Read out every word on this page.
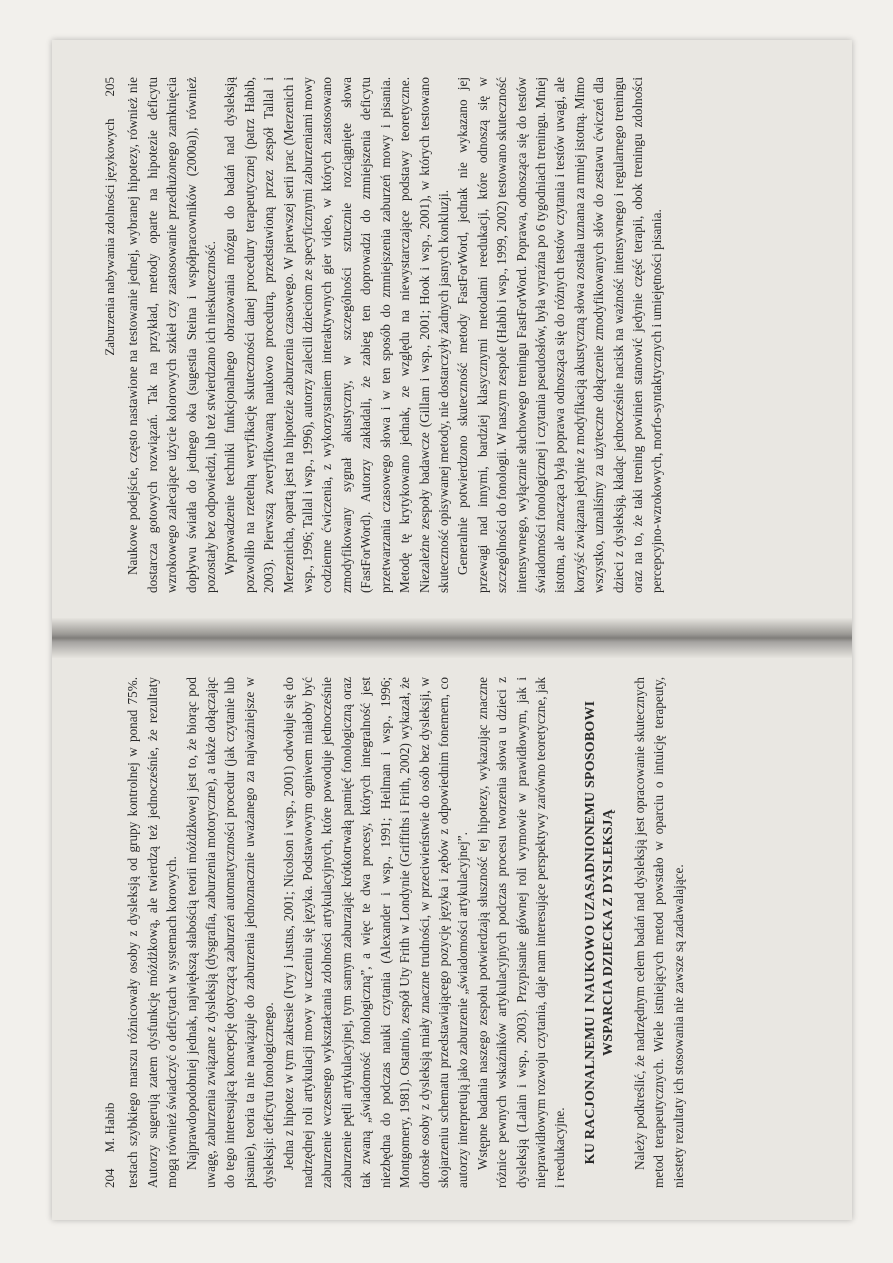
Zaburzenia nabywania zdolności językowych
205 Naukowe podejście, często nastawione na testowanie jednej, wybranej hipotezy, również nie dostarcza gotowych rozwiązań. Tak na przykład, metody oparte na hipotezie deficytu wzrokowego zalecające użycie kolorowych szkieł czy zastosowanie przedłużonego zamknięcia dopływu światła do jednego oka (sugestia Steina i współpracowników (2000a)), również pozostały bez odpowiedzi, lub też stwierdzano ich nieskuteczność. Wprowadzenie techniki funkcjonalnego obrazowania mózgu do badań nad dysleksją pozwoliło na rzetelną weryfikację skuteczności danej procedury terapeutycznej (patrz Habib, 2003). Pierwszą zweryfikowaną naukowo procedurą, przedstawioną przez zespół Tallal i Merzenicha, opartą jest na hipotezie zaburzenia czasowego. W pierwszej serii prac (Merzenich i wsp., 1996; Tallal i wsp., 1996), autorzy zalecili dzieciom ze specyficznymi zaburzeniami mowy codzienne ćwiczenia, z wykorzystaniem interaktywnych gier video, w których zastosowano zmodyfikowany sygnał akustyczny, w szczególności sztucznie rozciągnięte słowa (FastForWord). Autorzy zakładali, że zabieg ten doprowadzi do zmniejszenia deficytu przetwarzania czasowego słowa i w ten sposób do zmniejszenia zaburzeń mowy i pisania. Metodę tę krytykowano jednak, ze względu na niewystarczające podstawy teoretyczne. Niezależne zespoły badawcze (Gillam i wsp., 2001; Hook i wsp., 2001), w których testowano skuteczność opisywanej metody, nie dostarczyły żadnych jasnych konkluzji. Generalnie potwierdzono skuteczność metody FastForWord, jednak nie wykazano jej przewagi nad innymi, bardziej klasycznymi metodami reedukacji, które odnoszą się w szczególności do fonologii. W naszym zespole (Habib i wsp., 1999, 2002) testowano skuteczność intensywnego, wyłącznie słuchowego treningu FastForWord. Poprawa, odnosząca się do testów świadomości fonologicznej i czytania pseudosłów, była wyraźna po 6 tygodniach treningu. Mniej istotna, ale znacząca była poprawa odnosząca się do różnych testów czytania i testów uwagi, ale korzyść związana jedynie z modyfikacją akustyczną słowa została uznana za mniej istotną. Mimo wszystko, uznaliśmy za użyteczne dołączenie zmodyfikowanych słów do zestawu ćwiczeń dla dzieci z dysleksją, kładąc jednocześnie nacisk na ważność intensywnego i regularnego treningu oraz na to, że taki trening powinien stanowić jedynie część terapii, obok treningu zdolności percepcyjno-wzrokowych, morfo-syntaktycznych i umiejętności pisania.

204
M. Habib testach szybkiego marszu różnicowały osoby z dysleksją od grupy kontrolnej w ponad 75%. Autorzy sugerują zatem dysfunkcję móżdżkową, ale twierdzą też jednocześnie, że rezultaty mogą również świadczyć o deficytach w systemach korowych. Najprawdopodobniej jednak, największą słabością teorii móżdżkowej jest to, że biorąc pod uwagę, zaburzenia związane z dysleksją (dysgrafia, zaburzenia motoryczne), a także dołączając do tego interesującą koncepcję dotyczącą zaburzeń automatyczności procedur (jak czytanie lub pisanie), teoria ta nie nawiązuje do zaburzenia jednoznacznie uważanego za najważniejsze w dysleksji: deficytu fonologicznego. Jedna z hipotez w tym zakresie (Ivry i Justus, 2001; Nicolson i wsp., 2001) odwołuje się do nadrzędnej roli artykulacji mowy w uczeniu się języka. Podstawowym ogniwem miałoby być zaburzenie wczesnego wykształcania zdolności artykulacyjnych, które powoduje jednocześnie zaburzenie pętli artykulacyjnej, tym samym zaburzając krótkotrwałą pamięć fonologiczną oraz tak zwaną „świadomość fonologiczną”, a więc te dwa procesy, których integralność jest niezbędna do podczas nauki czytania (Alexander i wsp., 1991; Heilman i wsp., 1996; Montgomery, 1981). Ostatnio, zespół Uty Frith w Londynie (Griffiths i Frith, 2002) wykazał, że dorosłe osoby z dysleksją miały znaczne trudności, w przeciwieństwie do osób bez dysleksji, w skojarzeniu schematu przedstawiającego pozycję języka i zębów z odpowiednim fonemem, co autorzy interpretują jako zaburzenie „świadomości artykulacyjnej”. Wstępne badania naszego zespołu potwierdzają słuszność tej hipotezy, wykazując znaczne różnice pewnych wskaźników artykulacyjnych podczas procesu tworzenia słowa u dzieci z dysleksją (Lalain i wsp., 2003). Przypisanie głównej roli wymowie w prawidłowym, jak i nieprawidłowym rozwoju czytania, daje nam interesujące perspektywy zarówno teoretyczne, jak i reedukacyjne. KU RACJONALNEMU I NAUKOWO UZASADNIONEMU SPOSOBOWI WSPARCIA DZIECKA Z DYSLEKSJĄ Należy podkreślić, że nadrzędnym celem badań nad dysleksją jest opracowanie skutecznych metod terapeutycznych. Wiele istniejących metod powstało w oparciu o intuicję terapeuty, niestety rezultaty ich stosowania nie zawsze są zadawalające.
